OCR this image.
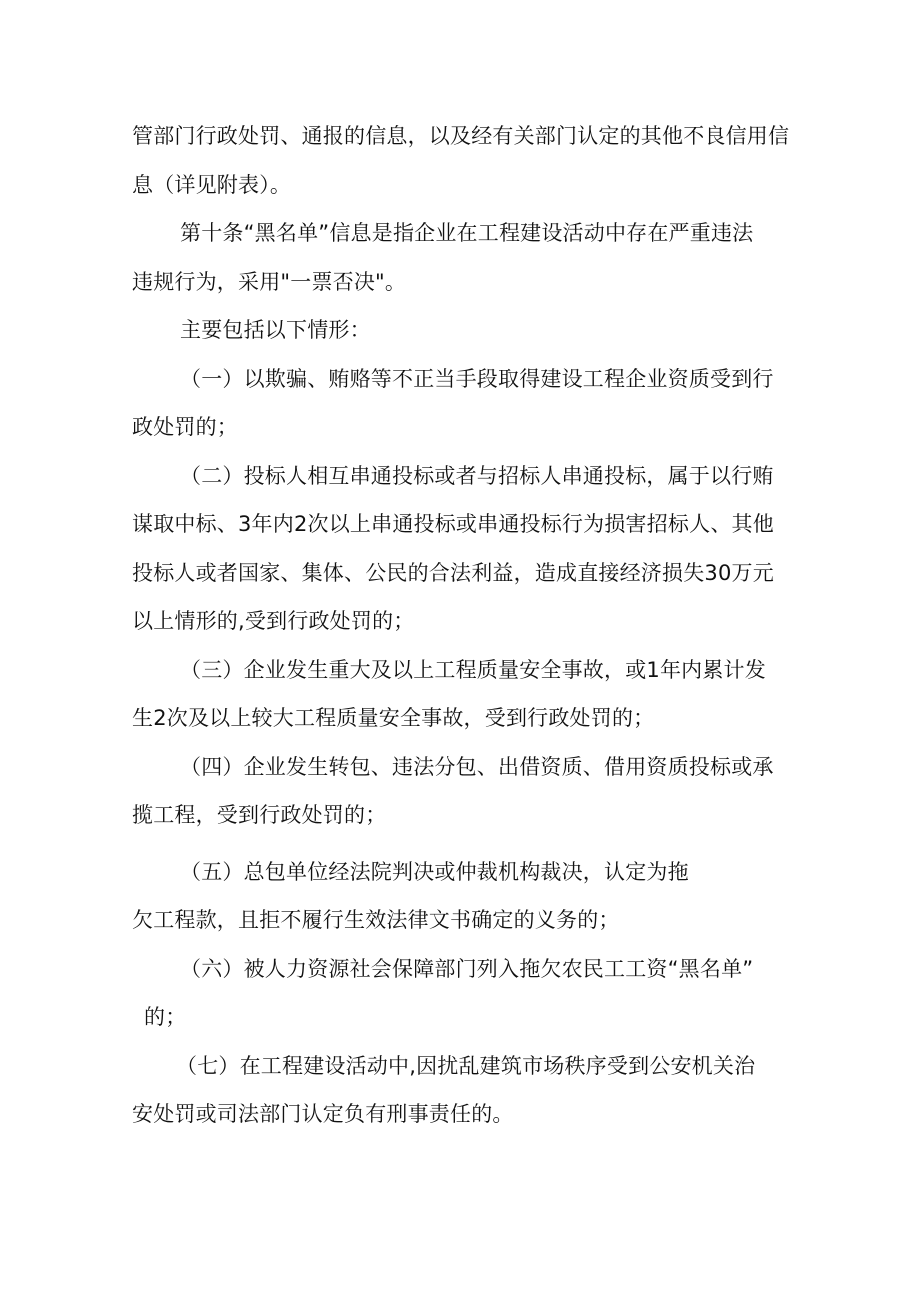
管部门行政处罚、通报的信息，以及经有关部门认定的其他不良信用信

息（详见附表）。

第十条“黑名单”信息是指企业在工程建设活动中存在严重违法

违规行为，采用"一票否决"。

主要包括以下情形：

（一）以欺骗、贿赂等不正当手段取得建设工程企业资质受到行

政处罚的；

（二）投标人相互串通投标或者与招标人串通投标，属于以行贿

谋取中标、3年内2次以上串通投标或串通投标行为损害招标人、其他

投标人或者国家、集体、公民的合法利益，造成直接经济损失30万元

以上情形的,受到行政处罚的；

（三）企业发生重大及以上工程质量安全事故，或1年内累计发

生2次及以上较大工程质量安全事故，受到行政处罚的；

（四）企业发生转包、违法分包、出借资质、借用资质投标或承

揽工程，受到行政处罚的；

（五）总包单位经法院判决或仲裁机构裁决，认定为拖

欠工程款，且拒不履行生效法律文书确定的义务的；

（六）被人力资源社会保障部门列入拖欠农民工工资“黑名单”

的；

（七）在工程建设活动中,因扰乱建筑市场秩序受到公安机关治

安处罚或司法部门认定负有刑事责任的。
